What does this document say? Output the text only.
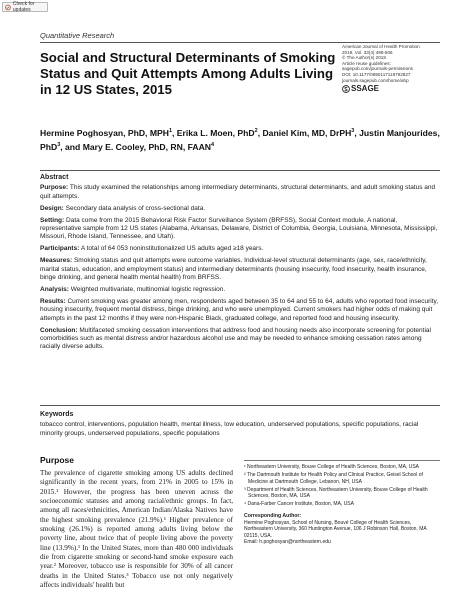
Check for updates
Quantitative Research
Social and Structural Determinants of Smoking Status and Quit Attempts Among Adults Living in 12 US States, 2015
American Journal of Health Promotion
2019, Vol. 33(4) 498-506
© The Author(s) 2018
Article reuse guidelines:
sagepub.com/journals-permissions
DOI: 10.1177/0890117118792827
journals.sagepub.com/home/ahp
SSAGE
Hermine Poghosyan, PhD, MPH$^1$, Erika L. Moen, PhD$^2$, Daniel Kim, MD, DrPH$^3$, Justin Manjourides, PhD$^3$, and Mary E. Cooley, PhD, RN, FAAN$^4$
Abstract
Purpose: This study examined the relationships among intermediary determinants, structural determinants, and adult smoking status and quit attempts.
Design: Secondary data analysis of cross-sectional data.
Setting: Data come from the 2015 Behavioral Risk Factor Surveillance System (BRFSS), Social Context module. A national, representative sample from 12 US states (Alabama, Arkansas, Delaware, District of Columbia, Georgia, Louisiana, Minnesota, Mississippi, Missouri, Rhode Island, Tennessee, and Utah).
Participants: A total of 64 053 noninstitutionalized US adults aged ≥18 years.
Measures: Smoking status and quit attempts were outcome variables. Individual-level structural determinants (age, sex, race/ethnicity, marital status, education, and employment status) and intermediary determinants (housing insecurity, food insecurity, health insurance, binge drinking, and general health mental health) from BRFSS.
Analysis: Weighted multivariate, multinomial logistic regression.
Results: Current smoking was greater among men, respondents aged between 35 to 64 and 55 to 64, adults who reported food insecurity, housing insecurity, frequent mental distress, binge drinking, and who were unemployed. Current smokers had higher odds of making quit attempts in the past 12 months if they were non-Hispanic Black, graduated college, and reported food and housing insecurity.
Conclusion: Multifaceted smoking cessation interventions that address food and housing needs also incorporate screening for potential comorbidities such as mental distress and/or hazardous alcohol use and may be needed to enhance smoking cessation rates among racially diverse adults.
Keywords
tobacco control, interventions, population health, mental illness, low education, underserved populations, specific populations, racial minority groups, underserved populations, specific populations
Purpose

The prevalence of cigarette smoking among US adults declined significantly in the recent years, from 21% in 2005 to 15% in 2015.¹ However, the progress has been uneven across the socioeconomic statuses and among racial/ethnic groups. In fact, among all races/ethnicities, American Indian/Alaska Natives have the highest smoking prevalence (21.9%).¹ Higher prevalence of smoking (26.1%) is reported among adults living below the poverty line, about twice that of people living above the poverty line (13.9%).¹ In the United States, more than 480 000 individuals die from cigarette smoking or second-hand smoke exposure each year.² Moreover, tobacco use is responsible for 30% of all cancer deaths in the United States.³ Tobacco use not only negatively affects individuals' health but

¹ Northeastern University, Bouve College of Health Sciences, Boston, MA, USA
² The Dartmouth Institute for Health Policy and Clinical Practice, Geisel School of Medicine at Dartmouth College, Lebanon, NH, USA
³ Department of Health Sciences, Northeastern University, Bouve College of Health Sciences, Boston, MA, USA
⁴ Dana-Farber Cancer Institute, Boston, MA, USA
Corresponding Author:
Hermine Poghosyan, School of Nursing, Bouvé College of Health Sciences, Northeastern University, 360 Huntington Avenue, 106 J Robinson Hall, Boston, MA 02115, USA.
Email: h.poghosyan@northeastern.edu
